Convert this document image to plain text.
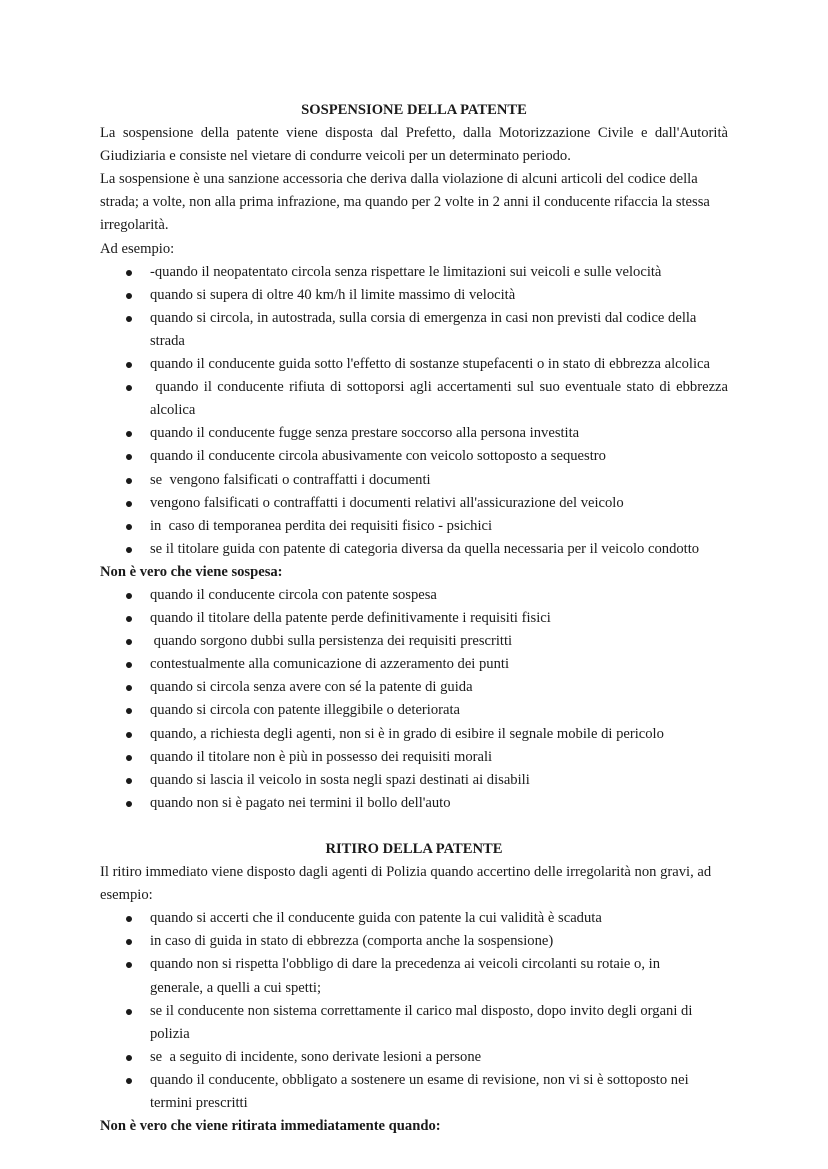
SOSPENSIONE DELLA PATENTE

La sospensione della patente viene disposta dal Prefetto, dalla Motorizzazione Civile e dall'Autorità Giudiziaria e consiste nel vietare di condurre veicoli per un determinato periodo.

La sospensione è una sanzione accessoria che deriva dalla violazione di alcuni articoli del codice della strada; a volte, non alla prima infrazione, ma quando per 2 volte in 2 anni il conducente rifaccia la stessa irregolarità.

Ad esempio:

-quando il neopatentato circola senza rispettare le limitazioni sui veicoli e sulle velocità
quando si supera di oltre 40 km/h il limite massimo di velocità
quando si circola, in autostrada, sulla corsia di emergenza in casi non previsti dal codice della strada
quando il conducente guida sotto l'effetto di sostanze stupefacenti o in stato di ebbrezza alcolica
quando il conducente rifiuta di sottoporsi agli accertamenti sul suo eventuale stato di ebbrezza alcolica
quando il conducente fugge senza prestare soccorso alla persona investita
quando il conducente circola abusivamente con veicolo sottoposto a sequestro
se  vengono falsificati o contraffatti i documenti
vengono falsificati o contraffatti i documenti relativi all'assicurazione del veicolo
in  caso di temporanea perdita dei requisiti fisico - psichici
se il titolare guida con patente di categoria diversa da quella necessaria per il veicolo condotto

Non è vero che viene sospesa:

quando il conducente circola con patente sospesa
quando il titolare della patente perde definitivamente i requisiti fisici
quando sorgono dubbi sulla persistenza dei requisiti prescritti
contestualmente alla comunicazione di azzeramento dei punti
quando si circola senza avere con sé la patente di guida
quando si circola con patente illeggibile o deteriorata
quando, a richiesta degli agenti, non si è in grado di esibire il segnale mobile di pericolo
quando il titolare non è più in possesso dei requisiti morali
quando si lascia il veicolo in sosta negli spazi destinati ai disabili
quando non si è pagato nei termini il bollo dell'auto
RITIRO DELLA PATENTE

Il ritiro immediato viene disposto dagli agenti di Polizia quando accertino delle irregolarità non gravi, ad esempio:

quando si accerti che il conducente guida con patente la cui validità è scaduta
in caso di guida in stato di ebbrezza (comporta anche la sospensione)
quando non si rispetta l'obbligo di dare la precedenza ai veicoli circolanti su rotaie o, in generale, a quelli a cui spetti;
se il conducente non sistema correttamente il carico mal disposto, dopo invito degli organi di polizia
se  a seguito di incidente, sono derivate lesioni a persone
quando il conducente, obbligato a sostenere un esame di revisione, non vi si è sottoposto nei termini prescritti

Non è vero che viene ritirata immediatamente quando:
